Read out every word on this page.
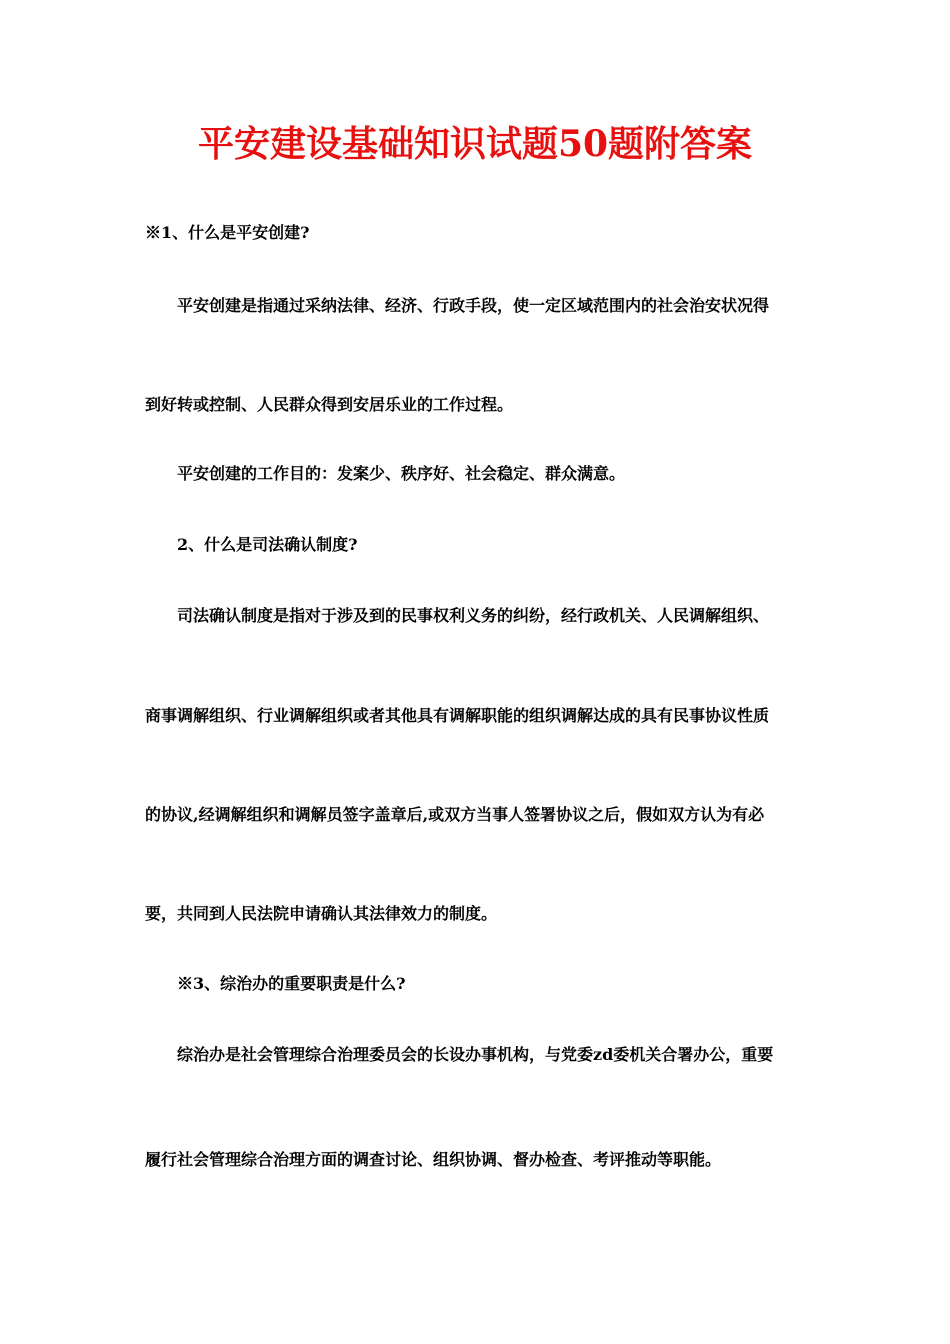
平安建设基础知识试题50题附答案
※1、什么是平安创建?
平安创建是指通过采纳法律、经济、行政手段，使一定区域范围内的社会治安状况得
到好转或控制、人民群众得到安居乐业的工作过程。
平安创建的工作目的：发案少、秩序好、社会稳定、群众满意。
2、什么是司法确认制度?
司法确认制度是指对于涉及到的民事权利义务的纠纷，经行政机关、人民调解组织、
商事调解组织、行业调解组织或者其他具有调解职能的组织调解达成的具有民事协议性质
的协议,经调解组织和调解员签字盖章后,或双方当事人签署协议之后，假如双方认为有必
要，共同到人民法院申请确认其法律效力的制度。
※3、综治办的重要职责是什么?
综治办是社会管理综合治理委员会的长设办事机构，与党委zd委机关合署办公，重要
履行社会管理综合治理方面的调查讨论、组织协调、督办检查、考评推动等职能。
